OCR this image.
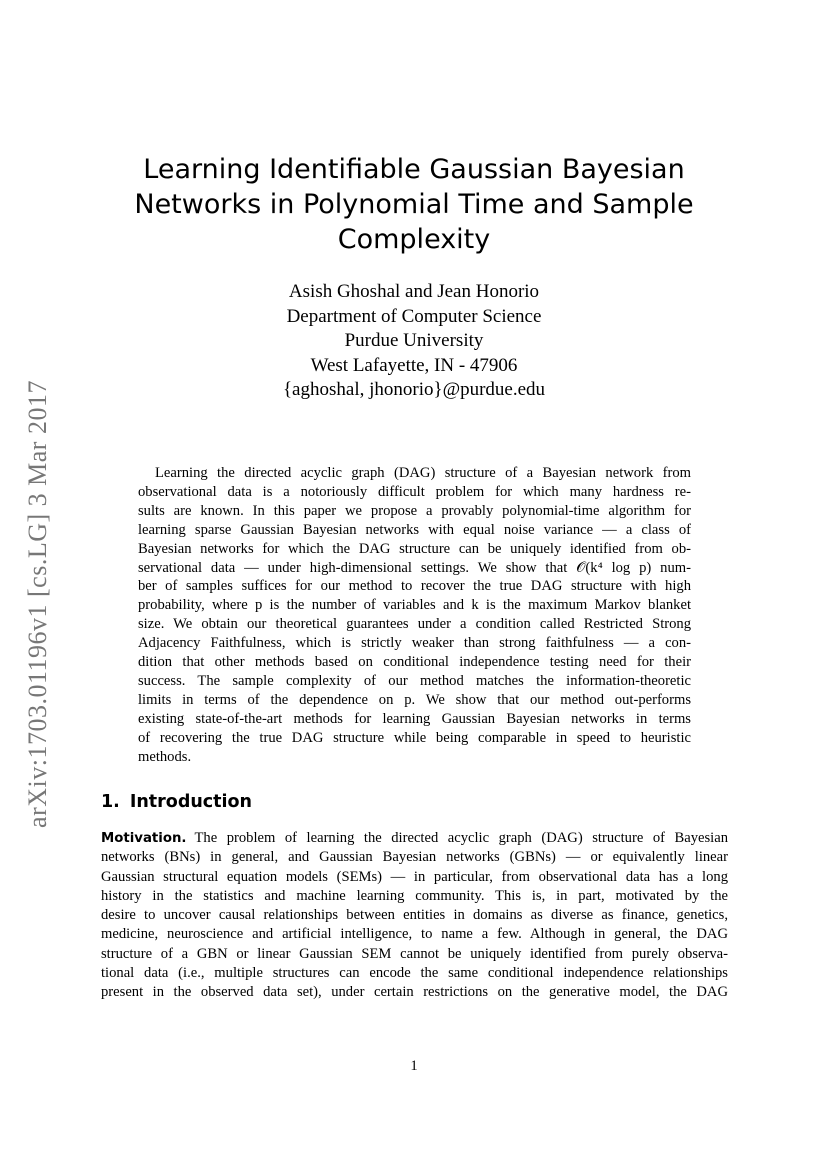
arXiv:1703.01196v1 [cs.LG] 3 Mar 2017
Learning Identifiable Gaussian Bayesian
Networks in Polynomial Time and Sample
Complexity
Asish Ghoshal and Jean Honorio
Department of Computer Science
Purdue University
West Lafayette, IN - 47906
{aghoshal, jhonorio}@purdue.edu
Learning the directed acyclic graph (DAG) structure of a Bayesian network from
observational data is a notoriously difficult problem for which many hardness re-
sults are known. In this paper we propose a provably polynomial-time algorithm for
learning sparse Gaussian Bayesian networks with equal noise variance — a class of
Bayesian networks for which the DAG structure can be uniquely identified from ob-
servational data — under high-dimensional settings. We show that 𝒪(k⁴ log p) num-
ber of samples suffices for our method to recover the true DAG structure with high
probability, where p is the number of variables and k is the maximum Markov blanket
size. We obtain our theoretical guarantees under a condition called Restricted Strong
Adjacency Faithfulness, which is strictly weaker than strong faithfulness — a con-
dition that other methods based on conditional independence testing need for their
success. The sample complexity of our method matches the information-theoretic
limits in terms of the dependence on p. We show that our method out-performs
existing state-of-the-art methods for learning Gaussian Bayesian networks in terms
of recovering the true DAG structure while being comparable in speed to heuristic
methods.
1. Introduction
Motivation. The problem of learning the directed acyclic graph (DAG) structure of Bayesian
networks (BNs) in general, and Gaussian Bayesian networks (GBNs) — or equivalently linear
Gaussian structural equation models (SEMs) — in particular, from observational data has a long
history in the statistics and machine learning community. This is, in part, motivated by the
desire to uncover causal relationships between entities in domains as diverse as finance, genetics,
medicine, neuroscience and artificial intelligence, to name a few. Although in general, the DAG
structure of a GBN or linear Gaussian SEM cannot be uniquely identified from purely observa-
tional data (i.e., multiple structures can encode the same conditional independence relationships
present in the observed data set), under certain restrictions on the generative model, the DAG
1
